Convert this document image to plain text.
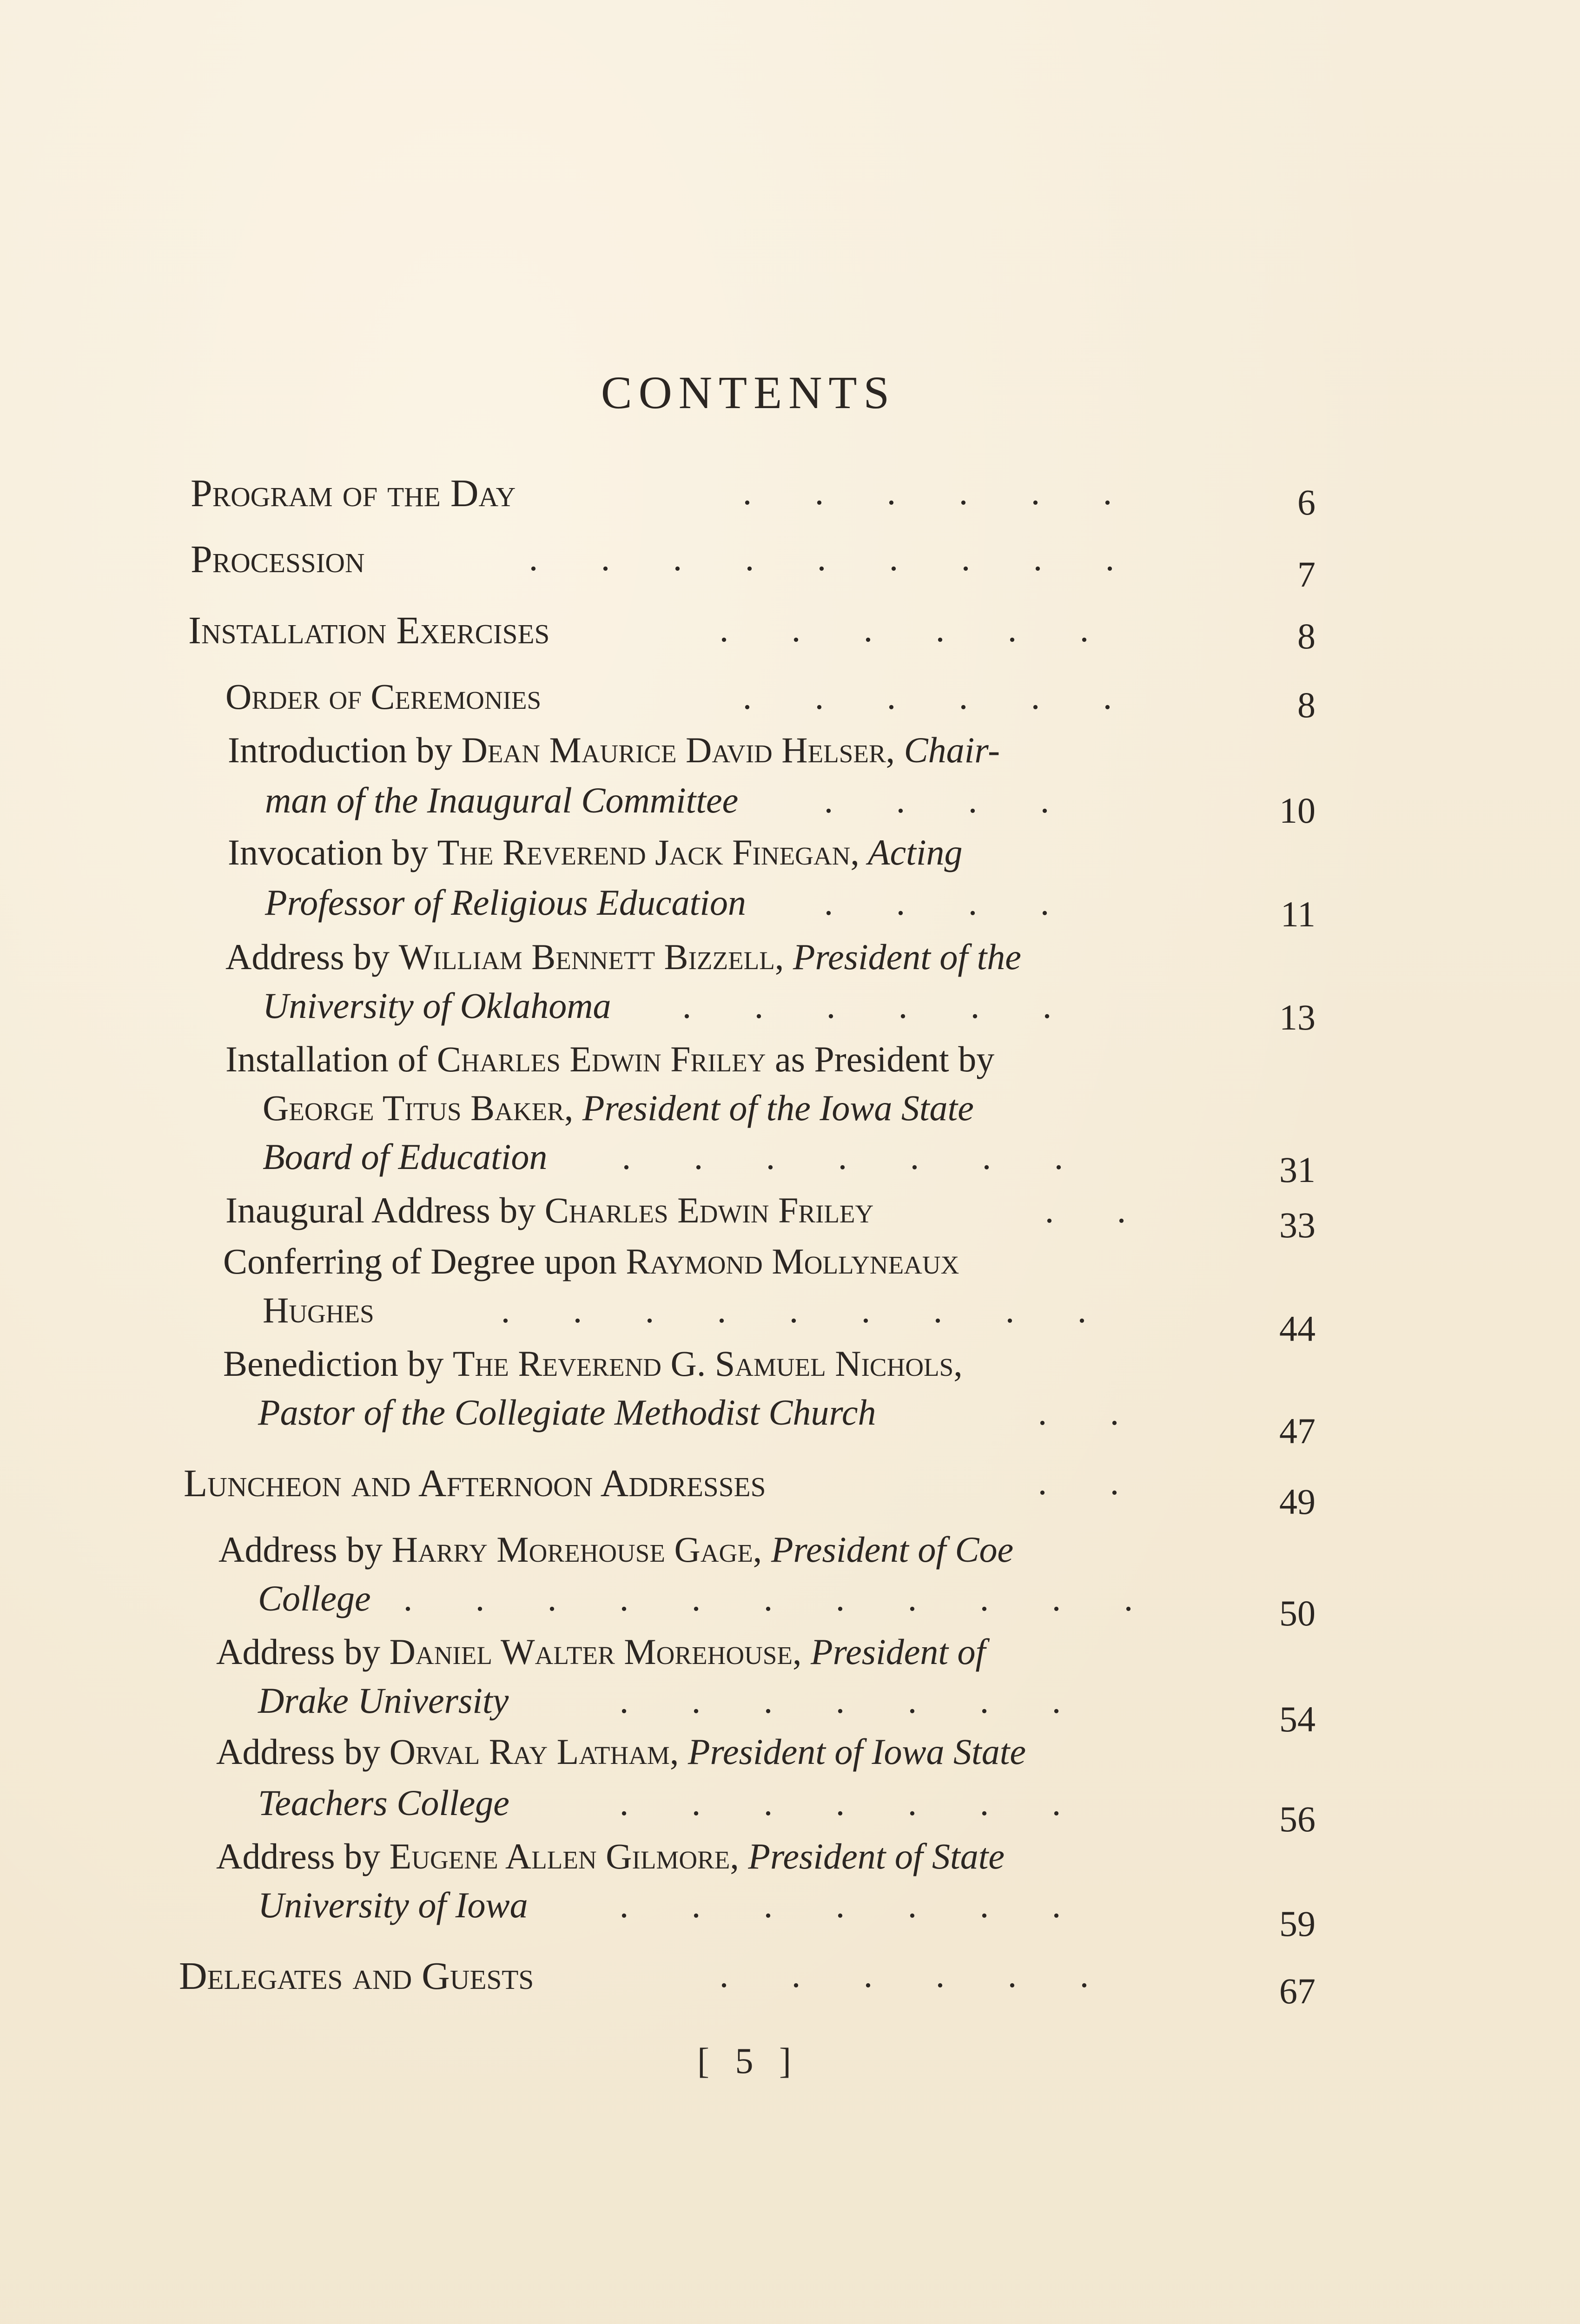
CONTENTS
Program of the Day	. . . . . .	6
Procession	. . . . . . . . .	7
Installation Exercises	. . . . . .	8
Order of Ceremonies	. . . . . .	8
Introduction by Dean Maurice David Helser, Chair-
man of the Inaugural Committee	. . . .	10
Invocation by The Reverend Jack Finegan, Acting
Professor of Religious Education	. . . .	11
Address by William Bennett Bizzell, President of the
University of Oklahoma	. . . . . .	13
Installation of Charles Edwin Friley as President by
George Titus Baker, President of the Iowa State
Board of Education	. . . . . . .	31
Inaugural Address by Charles Edwin Friley	. .	33
Conferring of Degree upon Raymond Mollyneaux
Hughes	. . . . . . . . .	44
Benediction by The Reverend G. Samuel Nichols,
Pastor of the Collegiate Methodist Church	. .	47
Luncheon and Afternoon Addresses	. .	49
Address by Harry Morehouse Gage, President of Coe
College . . . . . . . . . . .	50
Address by Daniel Walter Morehouse, President of
Drake University	. . . . . . .	54
Address by Orval Ray Latham, President of Iowa State
Teachers College	. . . . . . .	56
Address by Eugene Allen Gilmore, President of State
University of Iowa	. . . . . . .	59
Delegates and Guests	. . . . . .	67
[ 5 ]
